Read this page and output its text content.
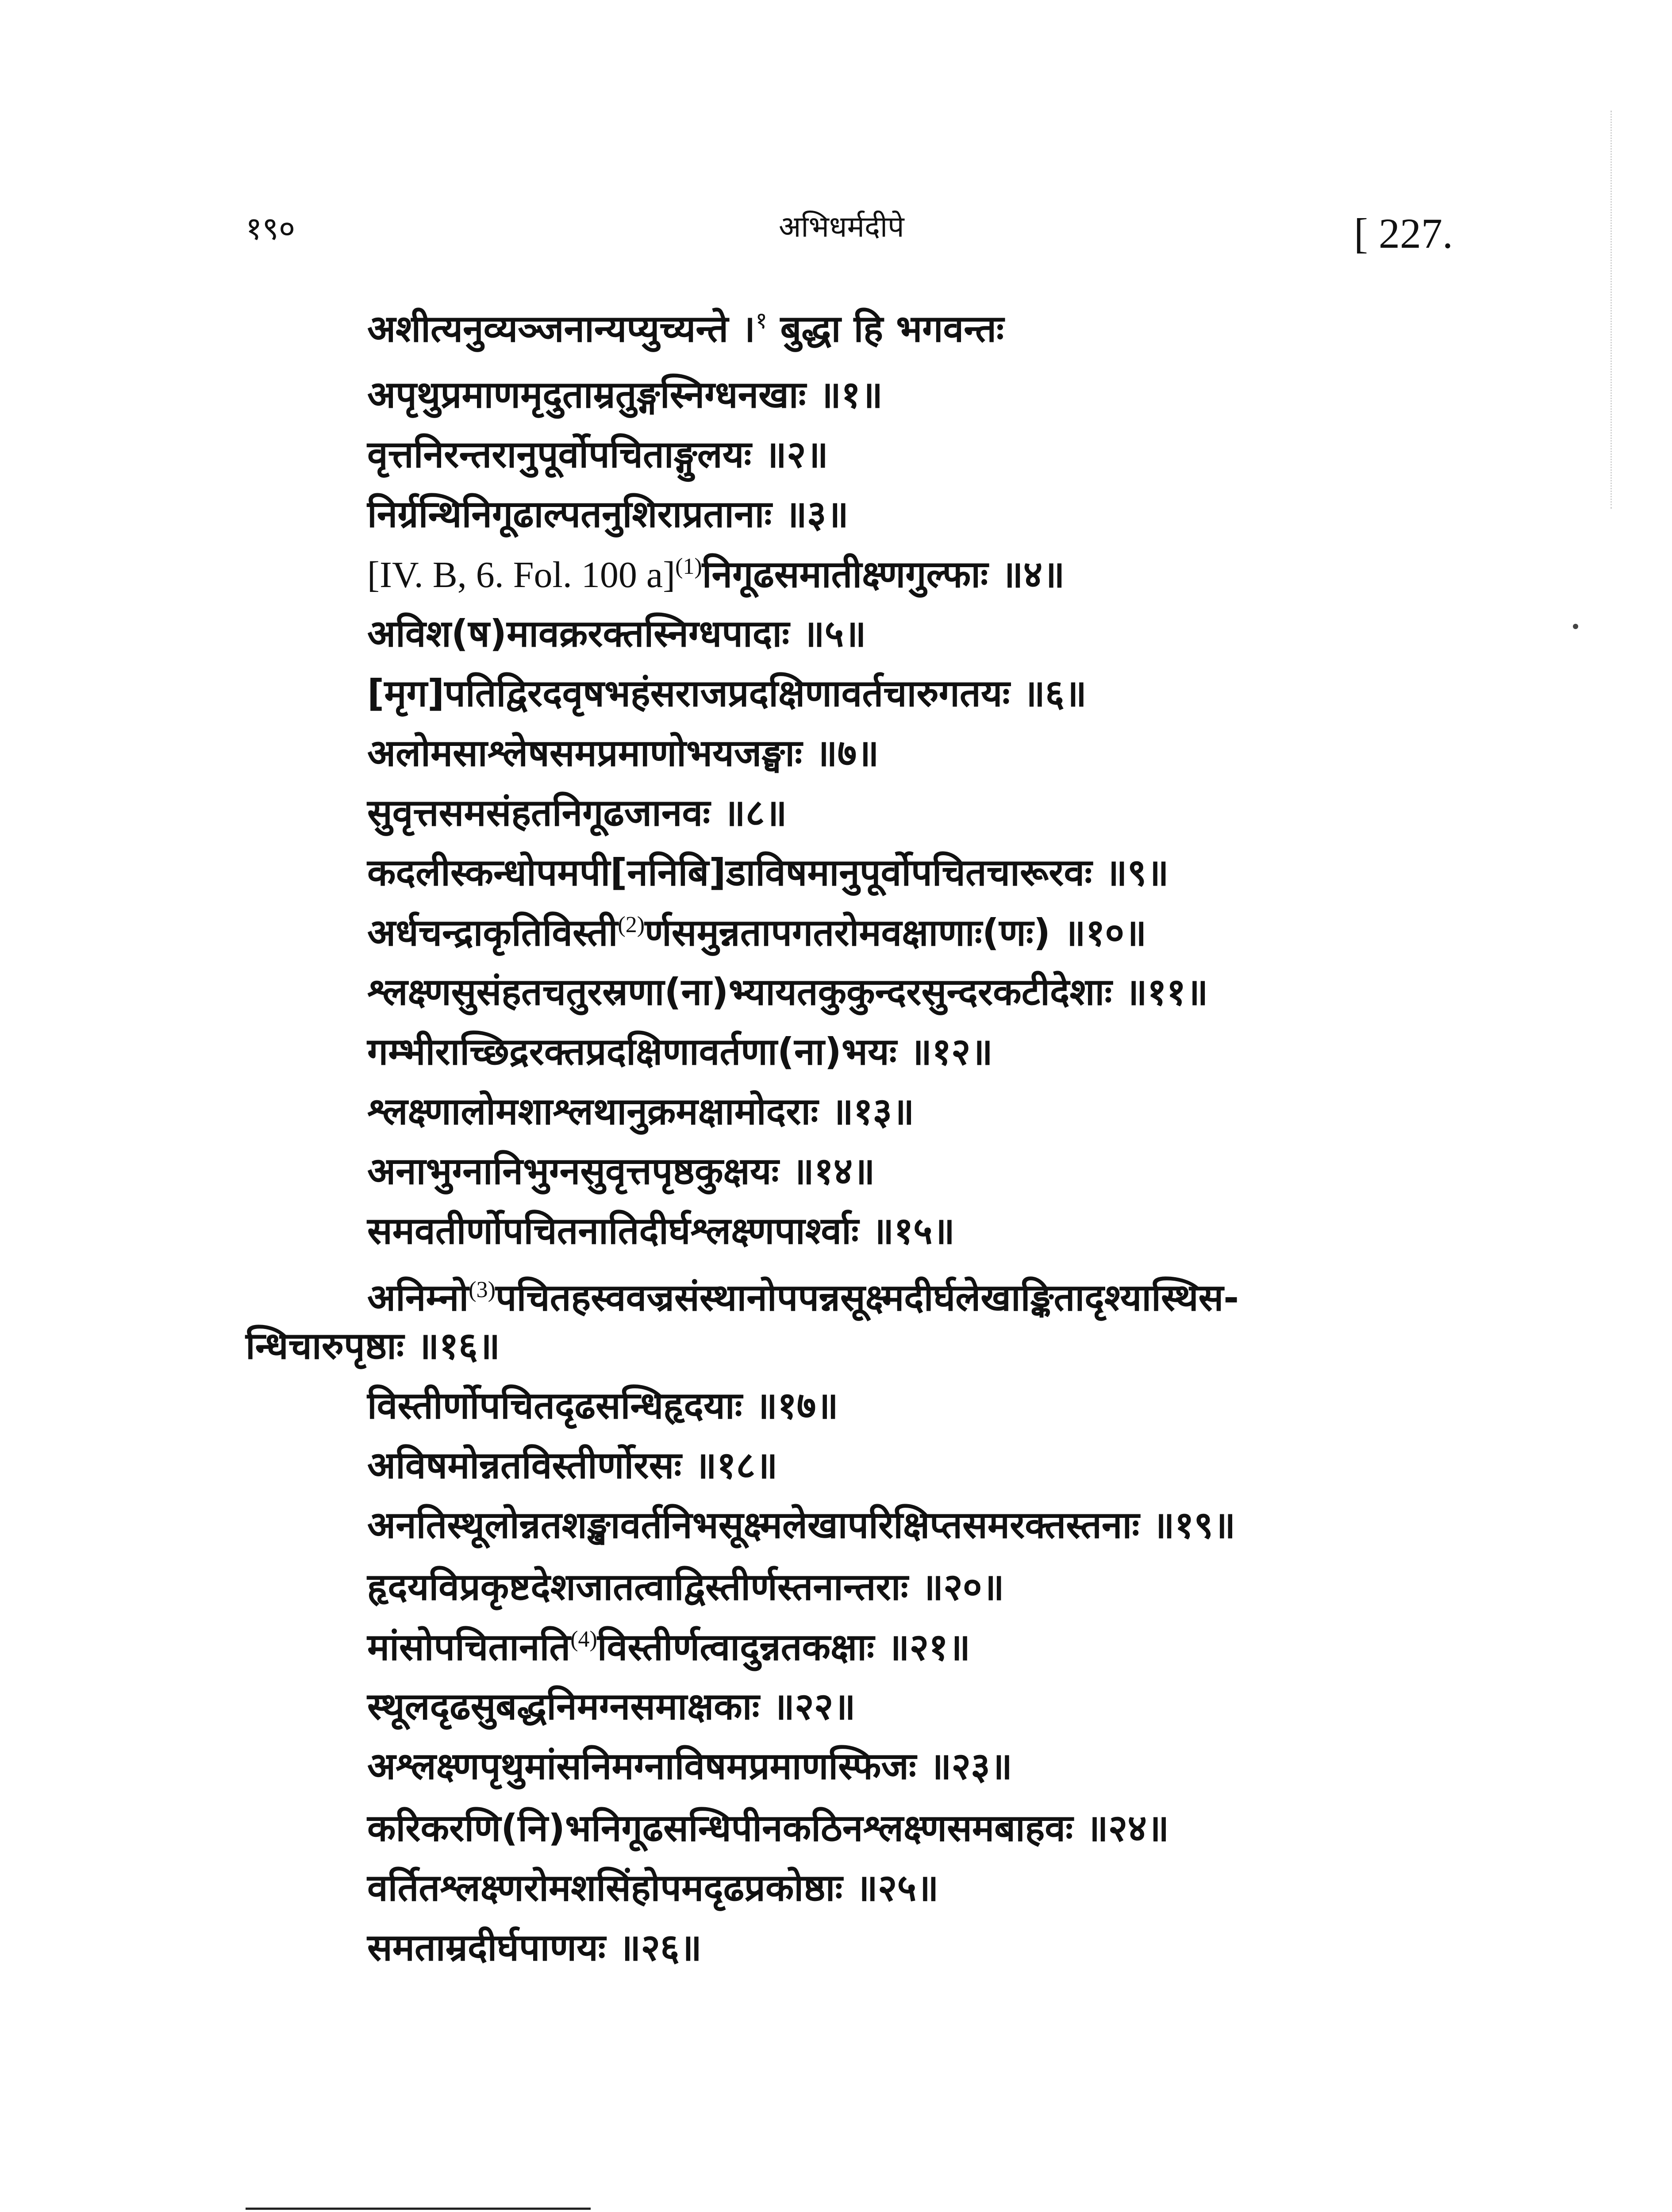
१९०	अभिधर्मदीपे	[ 227.
अशीत्यनुव्यञ्जनान्यप्युच्यन्ते ।$^१$ बुद्धा हि भगवन्तः
अपृथुप्रमाणमृदुताम्रतुङ्गस्निग्धनखाः ॥१॥
वृत्तनिरन्तरानुपूर्वोपचिताङ्गुलयः ॥२॥
निर्ग्रन्थिनिगूढाल्पतनुशिराप्रतानाः ॥३॥
[IV. B, 6. Fol. 100 a]$^{(1)}$निगूढसमातीक्ष्णगुल्फाः ॥४॥
अविश(ष)मावक्ररक्तस्निग्धपादाः ॥५॥
[मृग]पतिद्विरदवृषभहंसराजप्रदक्षिणावर्तचारुगतयः ॥६॥
अलोमसाश्लेषसमप्रमाणोभयजङ्घाः ॥७॥
सुवृत्तसमसंहतनिगूढजानवः ॥८॥
कदलीस्कन्धोपमपी[ननिबि]डाविषमानुपूर्वोपचितचारूरवः ॥९॥
अर्धचन्द्राकृतिविस्ती$^{(2)}$र्णसमुन्नतापगतरोमवक्षाणाः(णः) ॥१०॥
श्लक्ष्णसुसंहतचतुरस्रणा(ना)भ्यायतकुकुन्दरसुन्दरकटीदेशाः ॥११॥
गम्भीराच्छिद्ररक्तप्रदक्षिणावर्तणा(ना)भयः ॥१२॥
श्लक्ष्णालोमशाश्लथानुक्रमक्षामोदराः ॥१३॥
अनाभुग्नानिभुग्नसुवृत्तपृष्ठकुक्षयः ॥१४॥
समवतीर्णोपचितनातिदीर्घश्लक्ष्णपार्श्वाः ॥१५॥
अनिम्नो$^{(3)}$पचितहस्ववज्रसंस्थानोपपन्नसूक्ष्मदीर्घलेखाङ्कितादृश्यास्थिस-
न्धिचारुपृष्ठाः ॥१६॥
विस्तीर्णोपचितदृढसन्धिहृदयाः ॥१७॥
अविषमोन्नतविस्तीर्णोरसः ॥१८॥
अनतिस्थूलोन्नतशङ्खावर्तनिभसूक्ष्मलेखापरिक्षिप्तसमरक्तस्तनाः ॥१९॥
हृदयविप्रकृष्टदेशजातत्वाद्विस्तीर्णस्तनान्तराः ॥२०॥
मांसोपचितानति$^{(4)}$विस्तीर्णत्वादुन्नतकक्षाः ॥२१॥
स्थूलदृढसुबद्धनिमग्नसमाक्षकाः ॥२२॥
अश्लक्ष्णपृथुमांसनिमग्नाविषमप्रमाणस्फिजः ॥२३॥
करिकरणि(नि)भनिगूढसन्धिपीनकठिनश्लक्ष्णसमबाहवः ॥२४॥
वर्तितश्लक्ष्णरोमशसिंहोपमदृढप्रकोष्ठाः ॥२५॥
समताम्रदीर्घपाणयः ॥२६॥
